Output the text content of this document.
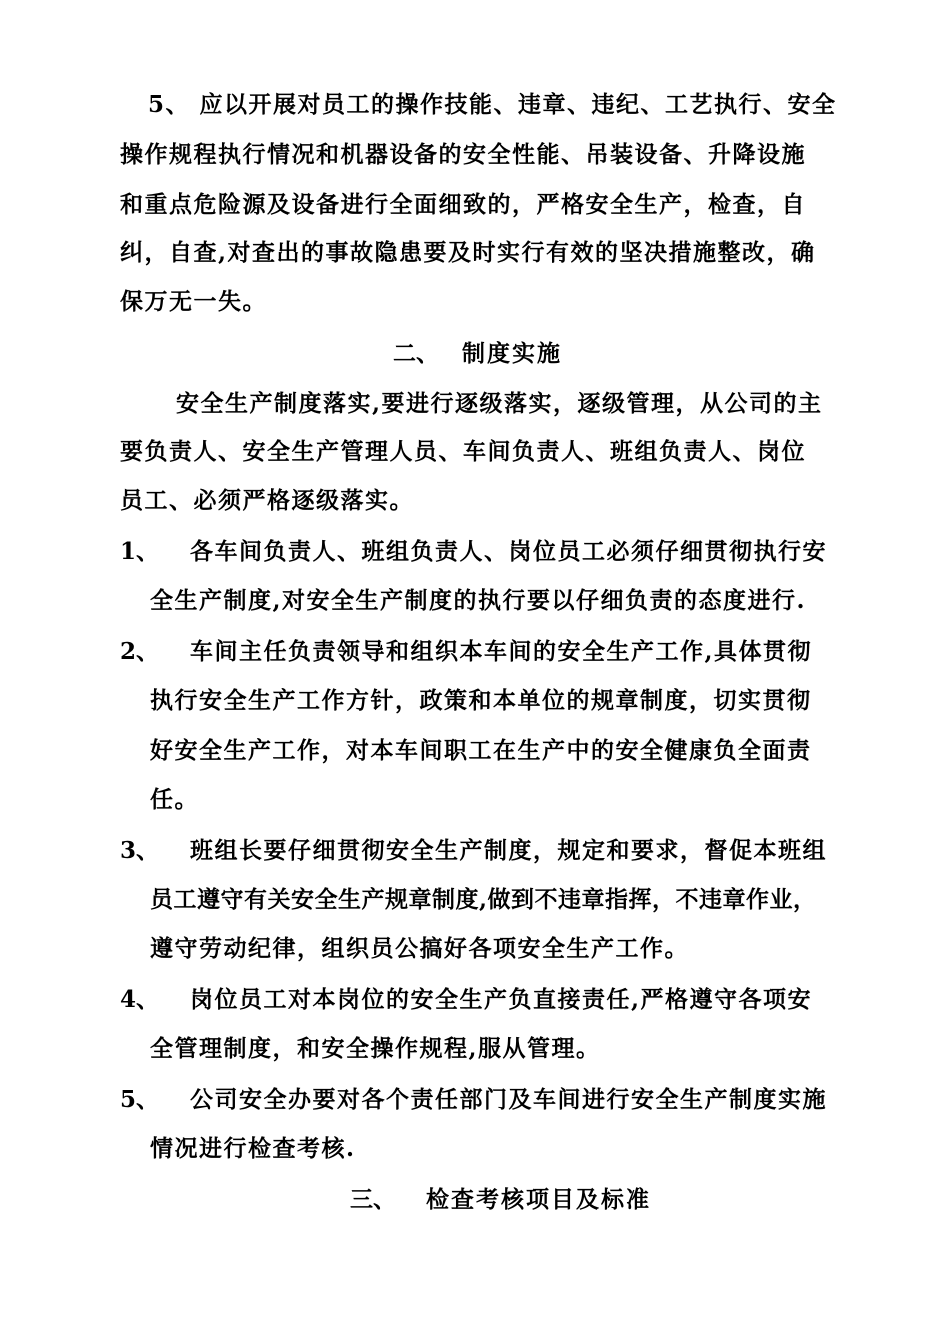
5、 应以开展对员工的操作技能、违章、违纪、工艺执行、安全
操作规程执行情况和机器设备的安全性能、吊装设备、升降设施
和重点危险源及设备进行全面细致的，严格安全生产，检查，自
纠，自查,对查出的事故隐患要及时实行有效的坚决措施整改，确
保万无一失。
二、 制度实施
安全生产制度落实,要进行逐级落实，逐级管理，从公司的主
要负责人、安全生产管理人员、车间负责人、班组负责人、岗位
员工、必须严格逐级落实。
1、 各车间负责人、班组负责人、岗位员工必须仔细贯彻执行安
全生产制度,对安全生产制度的执行要以仔细负责的态度进行.
2、 车间主任负责领导和组织本车间的安全生产工作,具体贯彻
执行安全生产工作方针，政策和本单位的规章制度，切实贯彻
好安全生产工作，对本车间职工在生产中的安全健康负全面责
任。
3、 班组长要仔细贯彻安全生产制度，规定和要求，督促本班组
员工遵守有关安全生产规章制度,做到不违章指挥，不违章作业，
遵守劳动纪律，组织员公搞好各项安全生产工作。
4、 岗位员工对本岗位的安全生产负直接责任,严格遵守各项安
全管理制度，和安全操作规程,服从管理。
5、 公司安全办要对各个责任部门及车间进行安全生产制度实施
情况进行检查考核.
三、 检查考核项目及标准
